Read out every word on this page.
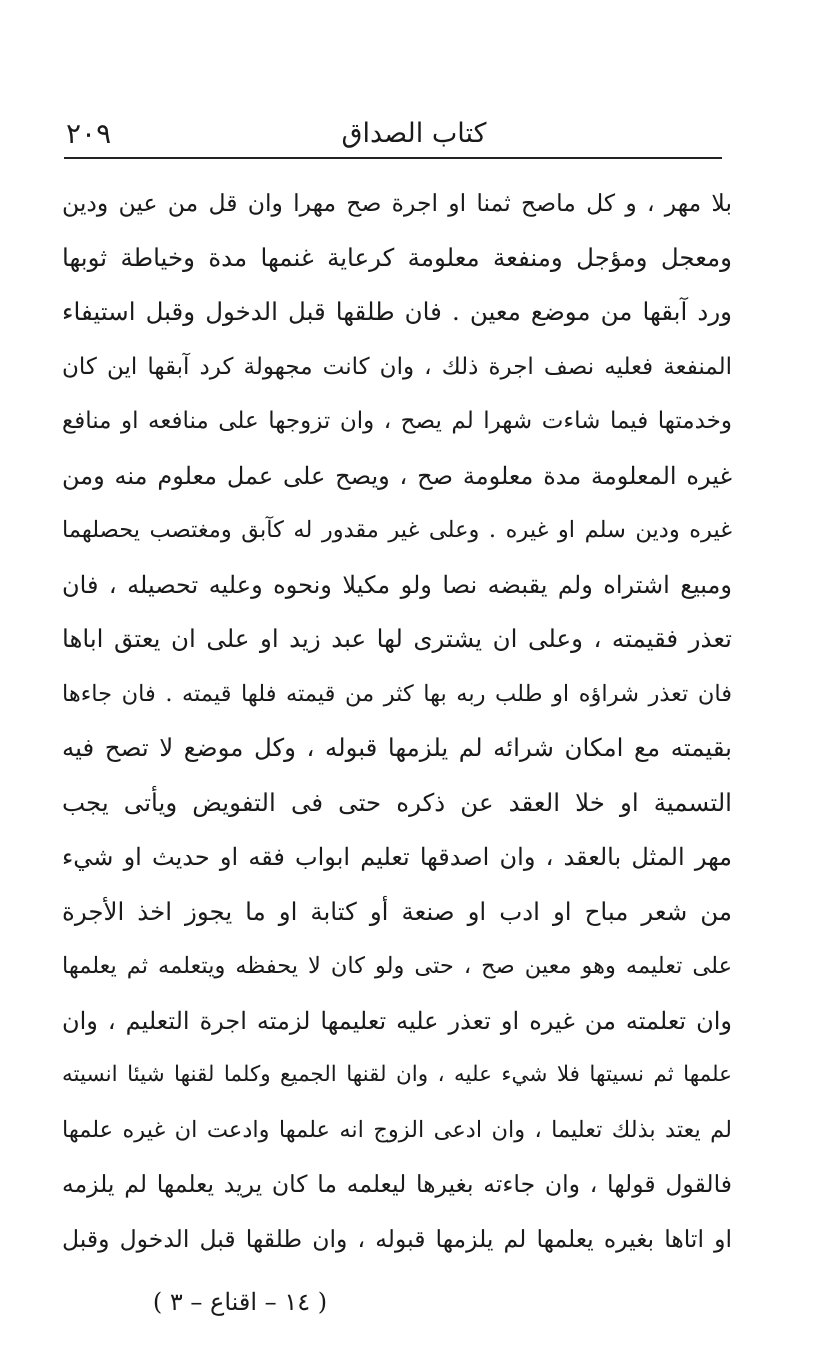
٢٠٩	كتاب الصداق
بلا مهر ، و كل ماصح ثمنا او اجرة صح مهرا وان قل من عين ودين
ومعجل ومؤجل ومنفعة معلومة كرعاية غنمها مدة وخياطة ثوبها
ورد آبقها من موضع معين . فان طلقها قبل الدخول وقبل استيفاء
المنفعة فعليه نصف اجرة ذلك ، وان كانت مجهولة كرد آبقها اين كان
وخدمتها فيما شاءت شهرا لم يصح ، وان تزوجها على منافعه او منافع
غيره المعلومة مدة معلومة صح ، ويصح على عمل معلوم منه ومن
غيره ودين سلم او غيره . وعلى غير مقدور له كآبق ومغتصب يحصلهما
ومبيع اشتراه ولم يقبضه نصا ولو مكيلا ونحوه وعليه تحصيله ، فان
تعذر فقيمته ، وعلى ان يشترى لها عبد زيد او على ان يعتق اباها
فان تعذر شراؤه او طلب ربه بها كثر من قيمته فلها قيمته . فان جاءها
بقيمته مع امكان شرائه لم يلزمها قبوله ، وكل موضع لا تصح فيه
التسمية او خلا العقد عن ذكره حتى فى التفويض ويأتى يجب
مهر المثل بالعقد ، وان اصدقها تعليم ابواب فقه او حديث او شيء
من شعر مباح او ادب او صنعة أو كتابة او ما يجوز اخذ الأجرة
على تعليمه وهو معين صح ، حتى ولو كان لا يحفظه ويتعلمه ثم يعلمها
وان تعلمته من غيره او تعذر عليه تعليمها لزمته اجرة التعليم ، وان
علمها ثم نسيتها فلا شيء عليه ، وان لقنها الجميع وكلما لقنها شيئا انسيته
لم يعتد بذلك تعليما ، وان ادعى الزوج انه علمها وادعت ان غيره علمها
فالقول قولها ، وان جاءته بغيرها ليعلمه ما كان يريد يعلمها لم يلزمه
او اتاها بغيره يعلمها لم يلزمها قبوله ، وان طلقها قبل الدخول وقبل
( ١٤ – اقناع – ٣ )
